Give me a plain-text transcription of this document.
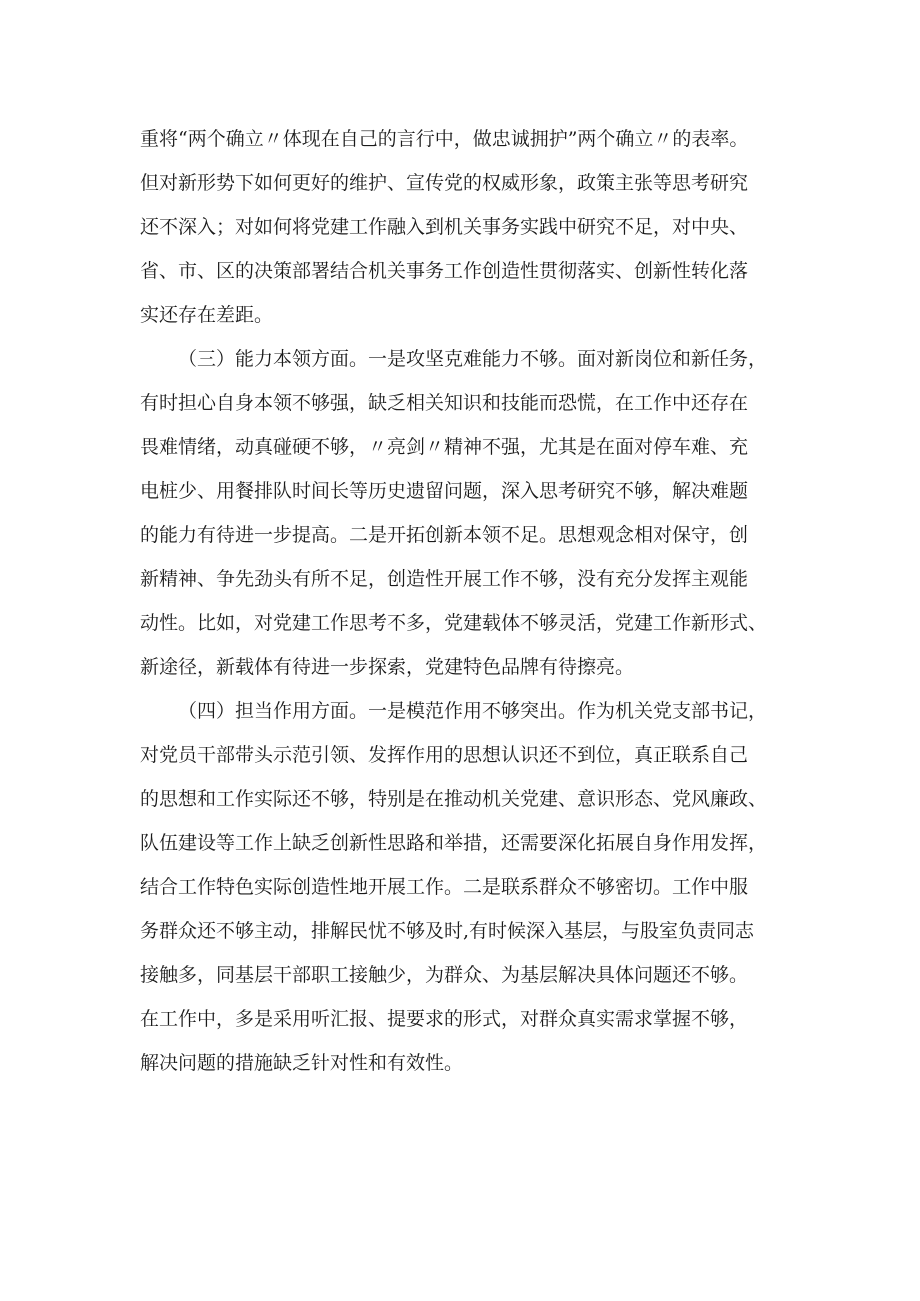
重将“两个确立〃体现在自己的言行中，做忠诚拥护”两个确立〃的表率。
但对新形势下如何更好的维护、宣传党的权威形象，政策主张等思考研究
还不深入；对如何将党建工作融入到机关事务实践中研究不足，对中央、
省、市、区的决策部署结合机关事务工作创造性贯彻落实、创新性转化落
实还存在差距。
（三）能力本领方面。一是攻坚克难能力不够。面对新岗位和新任务，
有时担心自身本领不够强，缺乏相关知识和技能而恐慌，在工作中还存在
畏难情绪，动真碰硬不够，〃亮剑〃精神不强，尤其是在面对停车难、充
电桩少、用餐排队时间长等历史遗留问题，深入思考研究不够，解决难题
的能力有待进一步提高。二是开拓创新本领不足。思想观念相对保守，创
新精神、争先劲头有所不足，创造性开展工作不够，没有充分发挥主观能
动性。比如，对党建工作思考不多，党建载体不够灵活，党建工作新形式、
新途径，新载体有待进一步探索，党建特色品牌有待擦亮。
（四）担当作用方面。一是模范作用不够突出。作为机关党支部书记，
对党员干部带头示范引领、发挥作用的思想认识还不到位，真正联系自己
的思想和工作实际还不够，特别是在推动机关党建、意识形态、党风廉政、
队伍建设等工作上缺乏创新性思路和举措，还需要深化拓展自身作用发挥，
结合工作特色实际创造性地开展工作。二是联系群众不够密切。工作中服
务群众还不够主动，排解民忧不够及时,有时候深入基层，与股室负责同志
接触多，同基层干部职工接触少，为群众、为基层解决具体问题还不够。
在工作中，多是采用听汇报、提要求的形式，对群众真实需求掌握不够，
解决问题的措施缺乏针对性和有效性。
